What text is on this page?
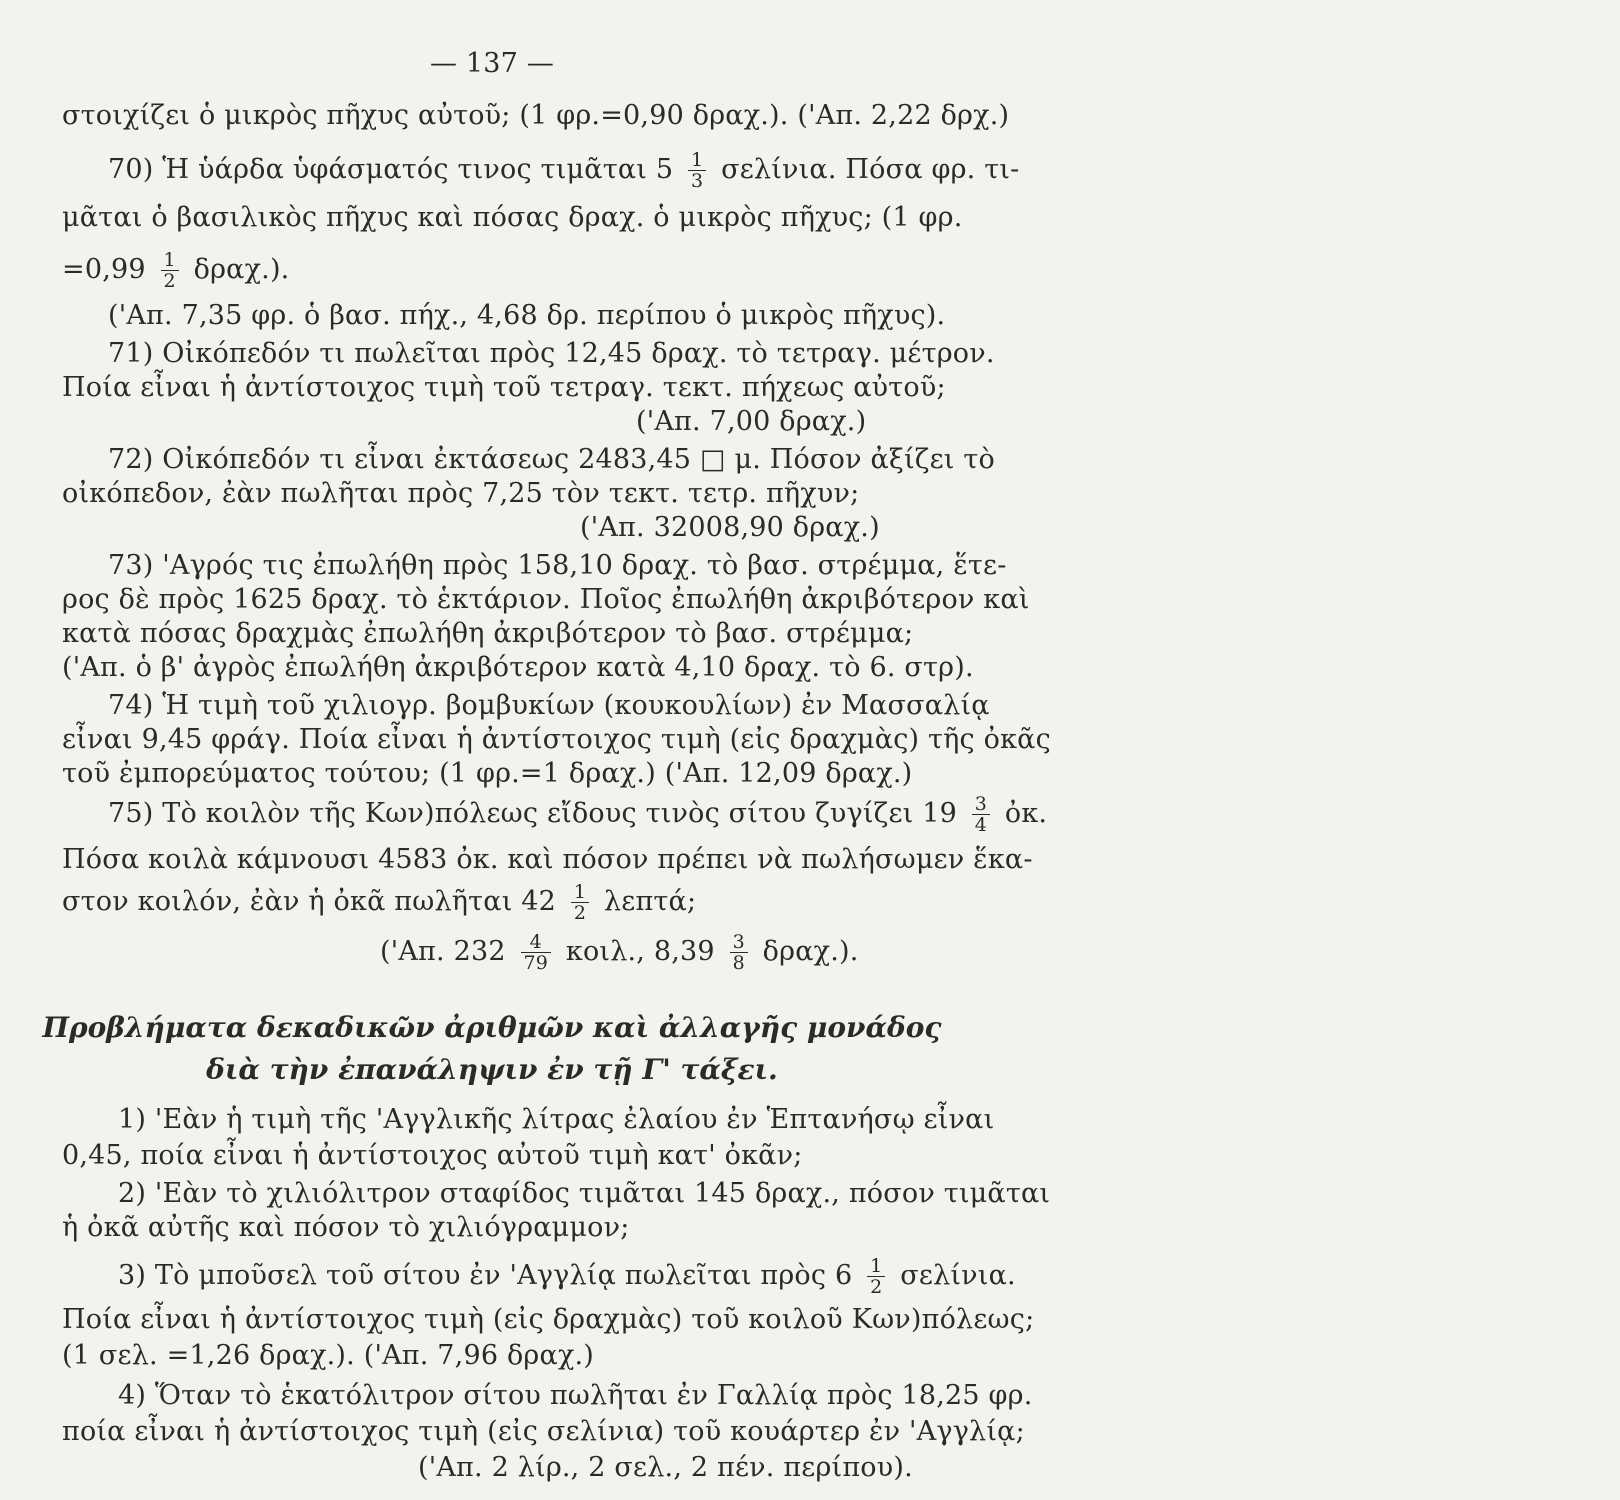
— 137 —
στοιχίζει ὁ μικρὸς πῆχυς αὐτοῦ; (1 φρ.=0,90 δραχ.). ('Απ. 2,22 δρχ.)
70) Ἡ ὑάρδα ὑφάσματός τινος τιμᾶται $5 \frac{1}{3} \sigma\varepsilon\lambda ί\nu\iota\alpha$. Πόσα φρ. τι-
μᾶται ὁ βασιλικὸς πῆχυς καὶ πόσας δραχ. ὁ μικρὸς πῆχυς; (1 φρ.
$=0,99 \frac{1}{2} \delta\rho\alpha\chi$.).
('Απ. 7,35 φρ. ὁ βασ. πήχ., 4,68 δρ. περίπου ὁ μικρὸς πῆχυς).
71) Οἰκόπεδόν τι πωλεῖται πρὸς 12,45 δραχ. τὸ τετραγ. μέτρον.
Ποία εἶναι ἡ ἀντίστοιχος τιμὴ τοῦ τετραγ. τεκτ. πήχεως αὐτοῦ;
('Απ. 7,00 δραχ.)
72) Οἰκόπεδόν τι εἶναι ἐκτάσεως 2483,45 □ μ. Πόσον ἀξίζει τὸ
οἰκόπεδον, ἐὰν πωλῆται πρὸς 7,25 τὸν τεκτ. τετρ. πῆχυν;
('Απ. 32008,90 δραχ.)
73) 'Αγρός τις ἐπωλήθη πρὸς 158,10 δραχ. τὸ βασ. στρέμμα, ἕτε-
ρος δὲ πρὸς 1625 δραχ. τὸ ἑκτάριον. Ποῖος ἐπωλήθη ἀκριβότερον καὶ
κατὰ πόσας δραχμὰς ἐπωλήθη ἀκριβότερον τὸ βασ. στρέμμα;
('Απ. ὁ β' ἀγρὸς ἐπωλήθη ἀκριβότερον κατὰ 4,10 δραχ. τὸ 6. στρ).
74) Ἡ τιμὴ τοῦ χιλιογρ. βομβυκίων (κουκουλίων) ἐν Μασσαλίᾳ
εἶναι 9,45 φράγ. Ποία εἶναι ἡ ἀντίστοιχος τιμὴ (εἰς δραχμὰς) τῆς ὀκᾶς
τοῦ ἐμπορεύματος τούτου; (1 φρ.=1 δραχ.) ('Απ. 12,09 δραχ.)
75) Τὸ κοιλὸν τῆς Κων)πόλεως εἴδους τινὸς σίτου ζυγίζει $19 \frac{3}{4}$ ὀκ.
Πόσα κοιλὰ κάμνουσι 4583 ὀκ. καὶ πόσον πρέπει νὰ πωλήσωμεν ἕκα-
στον κοιλόν, ἐὰν ἡ ὀκᾶ πωλῆται $42 \frac{1}{2} \lambda\varepsilon\pi\tau ά$;
('Απ. $232 \frac{4}{79} \kappa o\iota\lambda$., $8,39 \frac{3}{8} \delta\rho\alpha\chi$.).
Προβλήματα δεκαδικῶν ἀριθμῶν καὶ ἀλλαγῆς μονάδος
διὰ τὴν ἐπανάληψιν ἐν τῇ Γ' τάξει.
1) 'Εὰν ἡ τιμὴ τῆς 'Αγγλικῆς λίτρας ἐλαίου ἐν Ἑπτανήσῳ εἶναι
0,45, ποία εἶναι ἡ ἀντίστοιχος αὐτοῦ τιμὴ κατ' ὀκᾶν;
2) 'Εὰν τὸ χιλιόλιτρον σταφίδος τιμᾶται 145 δραχ., πόσον τιμᾶται
ἡ ὀκᾶ αὐτῆς καὶ πόσον τὸ χιλιόγραμμον;
3) Τὸ μποῦσελ τοῦ σίτου ἐν 'Αγγλίᾳ πωλεῖται πρὸς $6 \frac{1}{2} \sigma\varepsilon\lambda ί\nu\iota\alpha$.
Ποία εἶναι ἡ ἀντίστοιχος τιμὴ (εἰς δραχμὰς) τοῦ κοιλοῦ Κων)πόλεως;
(1 σελ. =1,26 δραχ.). ('Απ. 7,96 δραχ.)
4) Ὅταν τὸ ἑκατόλιτρον σίτου πωλῆται ἐν Γαλλίᾳ πρὸς 18,25 φρ.
ποία εἶναι ἡ ἀντίστοιχος τιμὴ (εἰς σελίνια) τοῦ κουάρτερ ἐν 'Αγγλίᾳ;
('Απ. 2 λίρ., 2 σελ., 2 πέν. περίπου).
